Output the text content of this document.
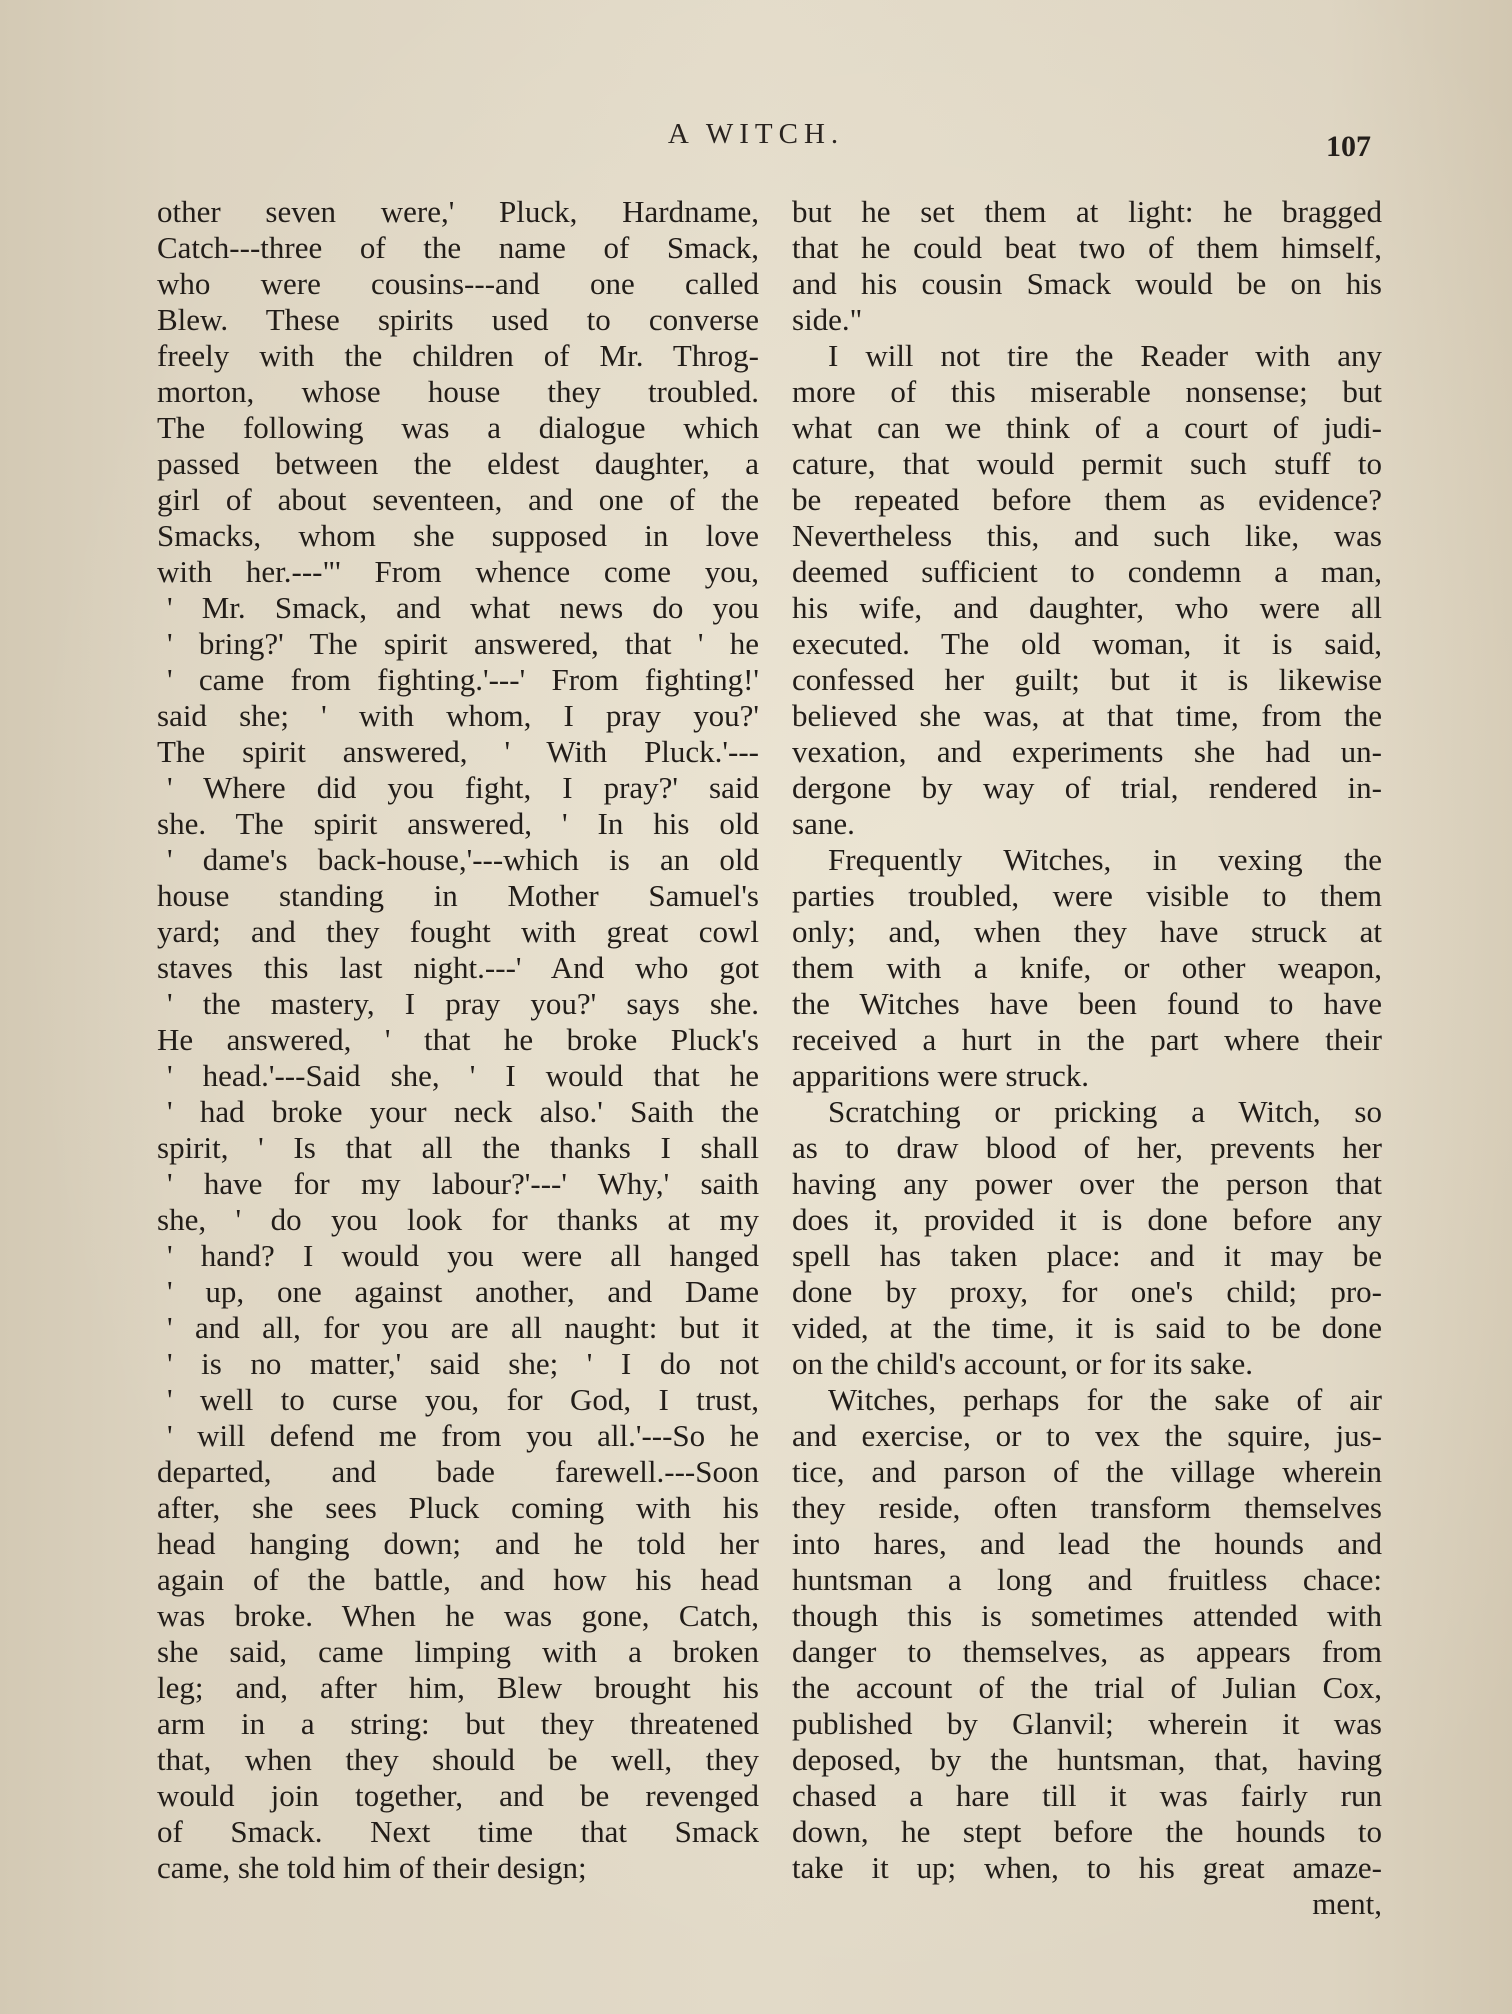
A WITCH.	107
other seven were,' Pluck, Hardname,
Catch---three of the name of Smack,
who were cousins---and one called
Blew. These spirits used to converse
freely with the children of Mr. Throg-
morton, whose house they troubled.
The following was a dialogue which
passed between the eldest daughter, a
girl of about seventeen, and one of the
Smacks, whom she supposed in love
with her.---"' From whence come you,
' Mr. Smack, and what news do you
' bring?' The spirit answered, that ' he
' came from fighting.'---' From fighting!'
said she; ' with whom, I pray you?'
The spirit answered, ' With Pluck.'---
' Where did you fight, I pray?' said
she. The spirit answered, ' In his old
' dame's back-house,'---which is an old
house standing in Mother Samuel's
yard; and they fought with great cowl
staves this last night.---' And who got
' the mastery, I pray you?' says she.
He answered, ' that he broke Pluck's
' head.'---Said she, ' I would that he
' had broke your neck also.' Saith the
spirit, ' Is that all the thanks I shall
' have for my labour?'---' Why,' saith
she, ' do you look for thanks at my
' hand? I would you were all hanged
' up, one against another, and Dame
' and all, for you are all naught: but it
' is no matter,' said she; ' I do not
' well to curse you, for God, I trust,
' will defend me from you all.'---So he
departed, and bade farewell.---Soon
after, she sees Pluck coming with his
head hanging down; and he told her
again of the battle, and how his head
was broke. When he was gone, Catch,
she said, came limping with a broken
leg; and, after him, Blew brought his
arm in a string: but they threatened
that, when they should be well, they
would join together, and be revenged
of Smack. Next time that Smack
came, she told him of their design;
but he set them at light: he bragged
that he could beat two of them himself,
and his cousin Smack would be on his
side."
I will not tire the Reader with any
more of this miserable nonsense; but
what can we think of a court of judi-
cature, that would permit such stuff to
be repeated before them as evidence?
Nevertheless this, and such like, was
deemed sufficient to condemn a man,
his wife, and daughter, who were all
executed. The old woman, it is said,
confessed her guilt; but it is likewise
believed she was, at that time, from the
vexation, and experiments she had un-
dergone by way of trial, rendered in-
sane.
Frequently Witches, in vexing the
parties troubled, were visible to them
only; and, when they have struck at
them with a knife, or other weapon,
the Witches have been found to have
received a hurt in the part where their
apparitions were struck.
Scratching or pricking a Witch, so
as to draw blood of her, prevents her
having any power over the person that
does it, provided it is done before any
spell has taken place: and it may be
done by proxy, for one's child; pro-
vided, at the time, it is said to be done
on the child's account, or for its sake.
Witches, perhaps for the sake of air
and exercise, or to vex the squire, jus-
tice, and parson of the village wherein
they reside, often transform themselves
into hares, and lead the hounds and
huntsman a long and fruitless chace:
though this is sometimes attended with
danger to themselves, as appears from
the account of the trial of Julian Cox,
published by Glanvil; wherein it was
deposed, by the huntsman, that, having
chased a hare till it was fairly run
down, he stept before the hounds to
take it up; when, to his great amaze-
ment,
